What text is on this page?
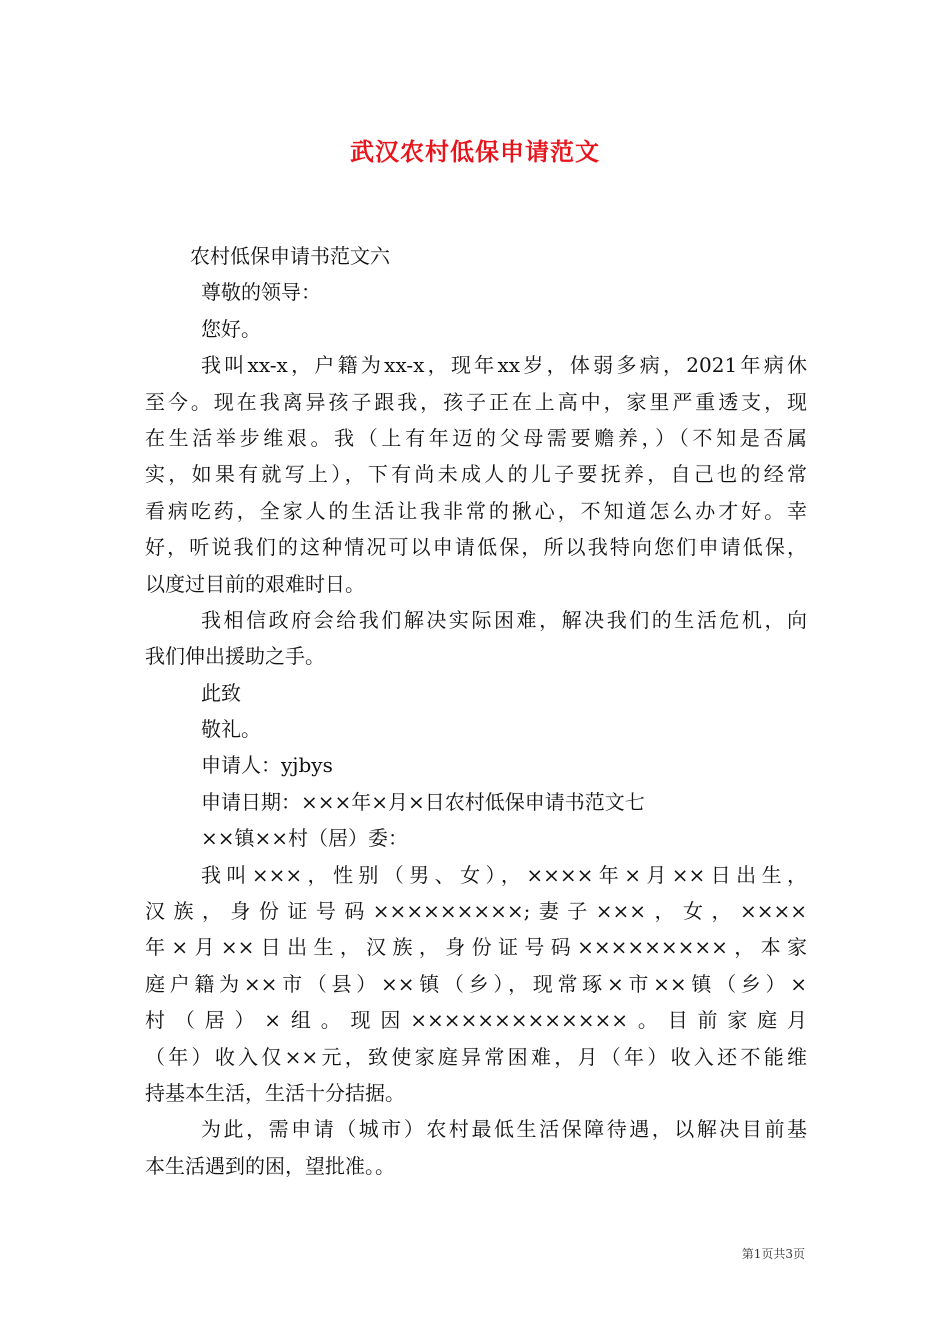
武汉农村低保申请范文

农村低保申请书范文六

尊敬的领导：

您好。

我叫xx-x，户籍为xx-x，现年xx岁，体弱多病，2021年病休

至今。现在我离异孩子跟我，孩子正在上高中，家里严重透支，现

在生活举步维艰。我（上有年迈的父母需要赡养，）（不知是否属

实，如果有就写上），下有尚未成人的儿子要抚养，自己也的经常

看病吃药，全家人的生活让我非常的揪心，不知道怎么办才好。幸

好，听说我们的这种情况可以申请低保，所以我特向您们申请低保，

以度过目前的艰难时日。

我相信政府会给我们解决实际困难，解决我们的生活危机，向

我们伸出援助之手。

此致

敬礼。

申请人：yjbys

申请日期：×××年×月×日农村低保申请书范文七

××镇××村（居）委：

我叫×××，性别（男、女），××××年×月××日出生，

汉族，身份证号码×××××××××;妻子×××，女，××××

年×月××日出生，汉族，身份证号码×××××××××，本家

庭户籍为××市（县）××镇（乡），现常琢×市××镇（乡）×

村（居）×组。现因×××××××××××××。目前家庭月

（年）收入仅××元，致使家庭异常困难，月（年）收入还不能维

持基本生活，生活十分拮据。

为此，需申请（城市）农村最低生活保障待遇，以解决目前基

本生活遇到的困，望批准。。

第1页共3页
